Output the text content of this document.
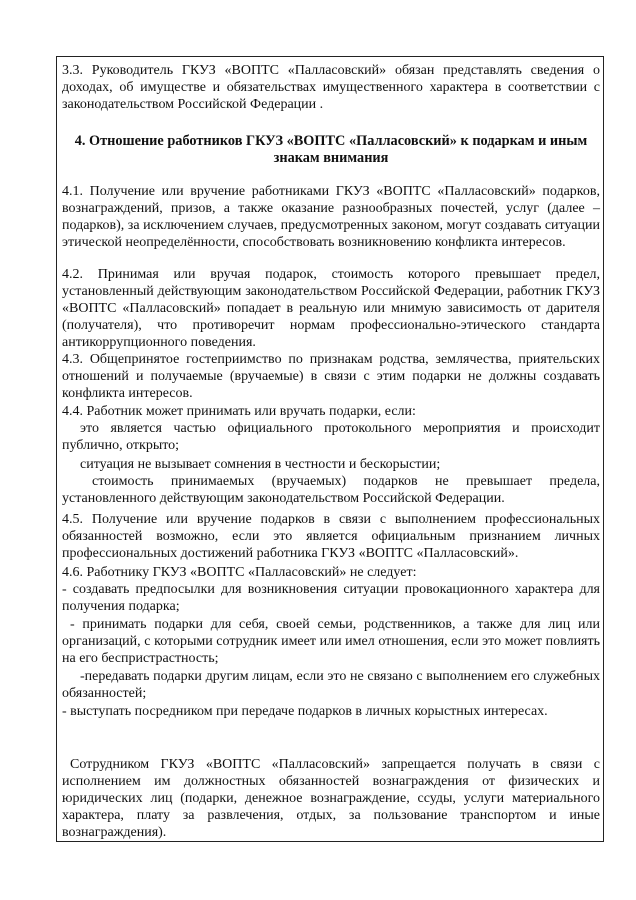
3.3. Руководитель ГКУЗ «ВОПТС «Палласовский» обязан представлять сведения о доходах, об имуществе и обязательствах имущественного характера в соответствии с законодательством Российской Федерации .

4. Отношение работников ГКУЗ «ВОПТС «Палласовский» к подаркам и иным знакам внимания

4.1. Получение или вручение работниками ГКУЗ «ВОПТС «Палласовский» подарков, вознаграждений, призов, а также оказание разнообразных почестей, услуг (далее – подарков), за исключением случаев, предусмотренных законом, могут создавать ситуации этической неопределённости, способствовать возникновению конфликта интересов.

4.2. Принимая или вручая подарок, стоимость которого превышает предел, установленный действующим законодательством Российской Федерации, работник ГКУЗ «ВОПТС «Палласовский» попадает в реальную или мнимую зависимость от дарителя (получателя), что противоречит нормам профессионально-этического стандарта антикоррупционного поведения.

4.3. Общепринятое гостеприимство по признакам родства, землячества, приятельских отношений и получаемые (вручаемые) в связи с этим подарки не должны создавать конфликта интересов.

4.4. Работник может принимать или вручать подарки, если:

это является частью официального протокольного мероприятия и происходит публично, открыто;

ситуация не вызывает сомнения в честности и бескорыстии;

стоимость принимаемых (вручаемых) подарков не превышает предела, установленного действующим законодательством Российской Федерации.

4.5. Получение или вручение подарков в связи с выполнением профессиональных обязанностей возможно, если это является официальным признанием личных профессиональных достижений работника ГКУЗ «ВОПТС «Палласовский».

4.6. Работнику ГКУЗ «ВОПТС «Палласовский» не следует:

- создавать предпосылки для возникновения ситуации провокационного характера для получения подарка;

- принимать подарки для себя, своей семьи, родственников, а также для лиц или организаций, с которыми сотрудник имеет или имел отношения, если это может повлиять на его беспристрастность;

-передавать подарки другим лицам, если это не связано с выполнением его служебных обязанностей;

- выступать посредником при передаче подарков в личных корыстных интересах.

Сотрудником ГКУЗ «ВОПТС «Палласовский» запрещается получать в связи с исполнением им должностных обязанностей вознаграждения от физических и юридических лиц (подарки, денежное вознаграждение, ссуды, услуги материального характера, плату за развлечения, отдых, за пользование транспортом и иные вознаграждения).
